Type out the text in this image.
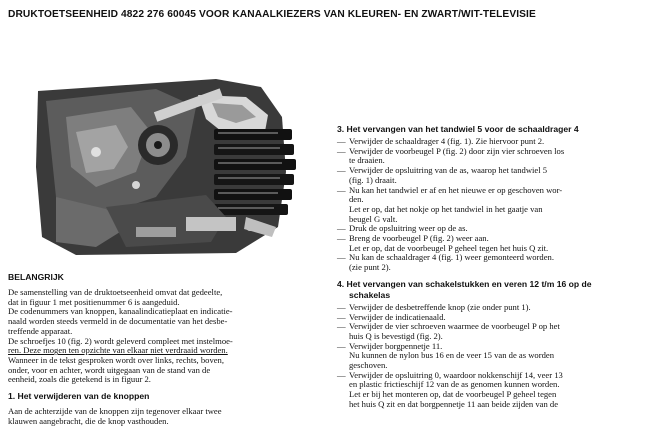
DRUKTOETSEENHEID 4822 276 60045 VOOR KANAALKIEZERS VAN KLEUREN- EN ZWART/WIT-TELEVISIE
BELANGRIJK

De samenstelling van de druktoetseenheid omvat dat gedeelte,

dat in figuur 1 met positienummer 6 is aangeduid.

De codenummers van knoppen, kanaalindicatieplaat en indicatie-

naald worden steeds vermeld in de documentatie van het desbe-

treffende apparaat.

De schroefjes 10 (fig. 2) wordt geleverd compleet met instelmoe-

ren. Deze mogen ten opzichte van elkaar niet verdraaid worden.

Wanneer in de tekst gesproken wordt over links, rechts, boven,

onder, voor en achter, wordt uitgegaan van de stand van de

eenheid, zoals die getekend is in figuur 2.

1. Het verwijderen van de knoppen

Aan de achterzijde van de knoppen zijn tegenover elkaar twee

klauwen aangebracht, die de knop vasthouden.

3. Het vervangen van het tandwiel 5 voor de schaaldrager 4
— Verwijder de schaaldrager 4 (fig. 1). Zie hiervoor punt 2.
— Verwijder de voorbeugel P (fig. 2) door zijn vier schroeven los
te draaien.
— Verwijder de opsluitring van de as, waarop het tandwiel 5
(fig. 1) draait.
— Nu kan het tandwiel er af en het nieuwe er op geschoven wor-
den.
Let er op, dat het nokje op het tandwiel in het gaatje van
beugel G valt.
— Druk de opsluitring weer op de as.
— Breng de voorbeugel P (fig. 2) weer aan.
Let er op, dat de voorbeugel P geheel tegen het huis Q zit.
— Nu kan de schaaldrager 4 (fig. 1) weer gemonteerd worden.
(zie punt 2).
4. Het vervangen van schakelstukken en veren 12 t/m 16 op de
schakelas
— Verwijder de desbetreffende knop (zie onder punt 1).
— Verwijder de indicatienaald.
— Verwijder de vier schroeven waarmee de voorbeugel P op het
huis Q is bevestigd (fig. 2).
— Verwijder borgpennetje 11.
Nu kunnen de nylon bus 16 en de veer 15 van de as worden
geschoven.
— Verwijder de opsluitring 0, waardoor nokkenschijf 14, veer 13
en plastic frictieschijf 12 van de as genomen kunnen worden.
Let er bij het monteren op, dat de voorbeugel P geheel tegen
het huis Q zit en dat borgpennetje 11 aan beide zijden van de
